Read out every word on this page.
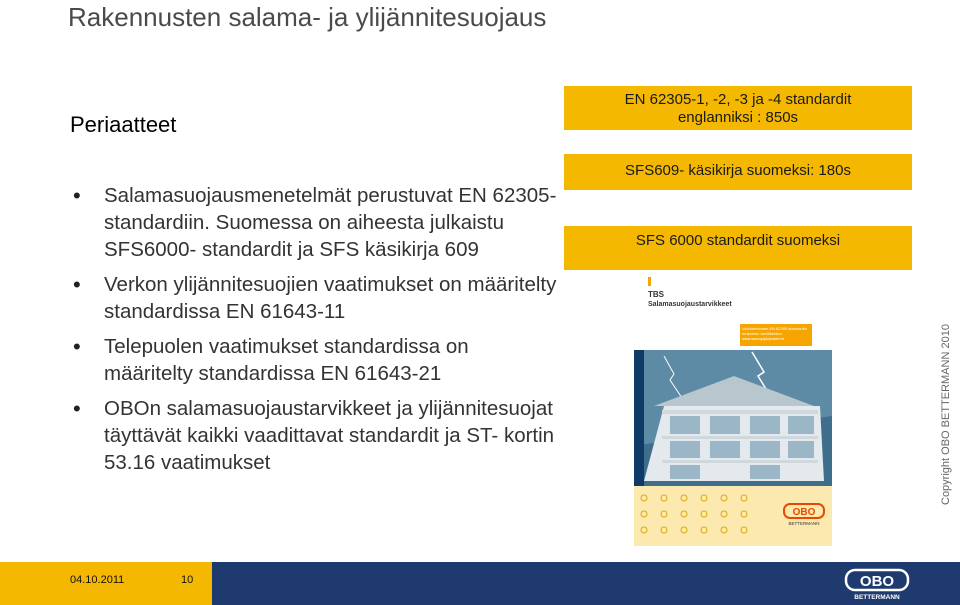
Rakennusten salama- ja ylijännitesuojaus
Periaatteet
• Salamasuojausmenetelmät perustuvat EN 62305- standardiin. Suomessa on aiheesta julkaistu SFS6000- standardit ja SFS käsikirja 609
• Verkon ylijännitesuojien vaatimukset on määritelty standardissa EN 61643-11
• Telepuolen vaatimukset standardissa on määritelty standardissa EN 61643-21
• OBOn salamasuojaustarvikkeet ja ylijännitesuojat täyttävät kaikki vaadittavat standardit ja ST- kortin 53.16 vaatimukset
EN 62305-1, -2, -3 ja -4 standardit
englanniksi : 850s
SFS609- käsikirja suomeksi: 180s
SFS 6000 standardit suomeksi
TBS
Salamasuojaustarvikkeet
Vaihtoehtoinen EN 62305 standardin mukainen tarvikkeiden salamasuojajärjestelmä
OBO
BETTERMANN
Copyright OBO BETTERMANN 2010
04.10.2011	10	OBO
BETTERMANN
